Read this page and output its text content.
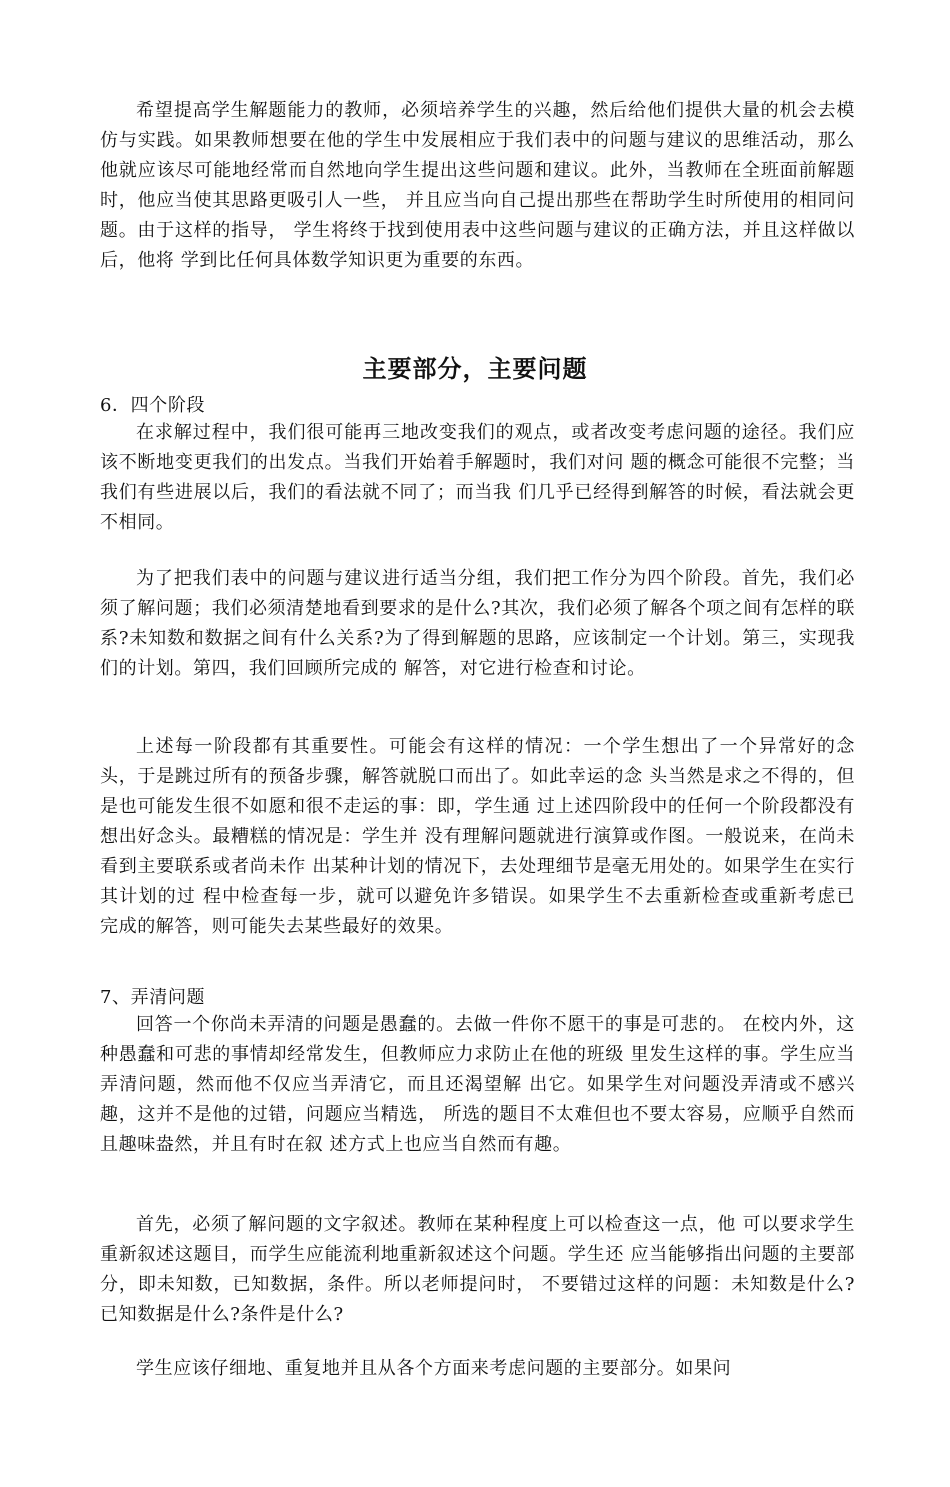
希望提高学生解题能力的教师，必须培养学生的兴趣，然后给他们提供大量的机会去模仿与实践。如果教师想要在他的学生中发展相应于我们表中的问题与建议的思维活动，那么他就应该尽可能地经常而自然地向学生提出这些问题和建议。此外，当教师在全班面前解题时，他应当使其思路更吸引人一些， 并且应当向自己提出那些在帮助学生时所使用的相同问题。由于这样的指导， 学生将终于找到使用表中这些问题与建议的正确方法，并且这样做以后，他将 学到比任何具体数学知识更为重要的东西。

主要部分，主要问题
6．四个阶段

在求解过程中，我们很可能再三地改变我们的观点，或者改变考虑问题的途径。我们应该不断地变更我们的出发点。当我们开始着手解题时，我们对问 题的概念可能很不完整；当我们有些进展以后，我们的看法就不同了；而当我 们几乎已经得到解答的时候，看法就会更不相同。

为了把我们表中的问题与建议进行适当分组，我们把工作分为四个阶段。首先，我们必须了解问题；我们必须清楚地看到要求的是什么?其次，我们必须了解各个项之间有怎样的联系?未知数和数据之间有什么关系?为了得到解题的思路，应该制定一个计划。第三，实现我们的计划。第四，我们回顾所完成的 解答，对它进行检查和讨论。

上述每一阶段都有其重要性。可能会有这样的情况：一个学生想出了一个异常好的念头，于是跳过所有的预备步骤，解答就脱口而出了。如此幸运的念 头当然是求之不得的，但是也可能发生很不如愿和很不走运的事：即，学生通 过上述四阶段中的任何一个阶段都没有想出好念头。最糟糕的情况是：学生并 没有理解问题就进行演算或作图。一般说来，在尚未看到主要联系或者尚未作 出某种计划的情况下，去处理细节是毫无用处的。如果学生在实行其计划的过 程中检查每一步，就可以避免许多错误。如果学生不去重新检查或重新考虑已 完成的解答，则可能失去某些最好的效果。

7、弄清问题

回答一个你尚未弄清的问题是愚蠢的。去做一件你不愿干的事是可悲的。 在校内外，这种愚蠢和可悲的事情却经常发生，但教师应力求防止在他的班级 里发生这样的事。学生应当弄清问题，然而他不仅应当弄清它，而且还渴望解 出它。如果学生对问题没弄清或不感兴趣，这并不是他的过错，问题应当精选， 所选的题目不太难但也不要太容易，应顺乎自然而且趣味盎然，并且有时在叙 述方式上也应当自然而有趣。

首先，必须了解问题的文字叙述。教师在某种程度上可以检查这一点，他 可以要求学生重新叙述这题目，而学生应能流利地重新叙述这个问题。学生还 应当能够指出问题的主要部分，即未知数，已知数据，条件。所以老师提问时， 不要错过这样的问题：未知数是什么?已知数据是什么?条件是什么?

学生应该仔细地、重复地并且从各个方面来考虑问题的主要部分。如果问
